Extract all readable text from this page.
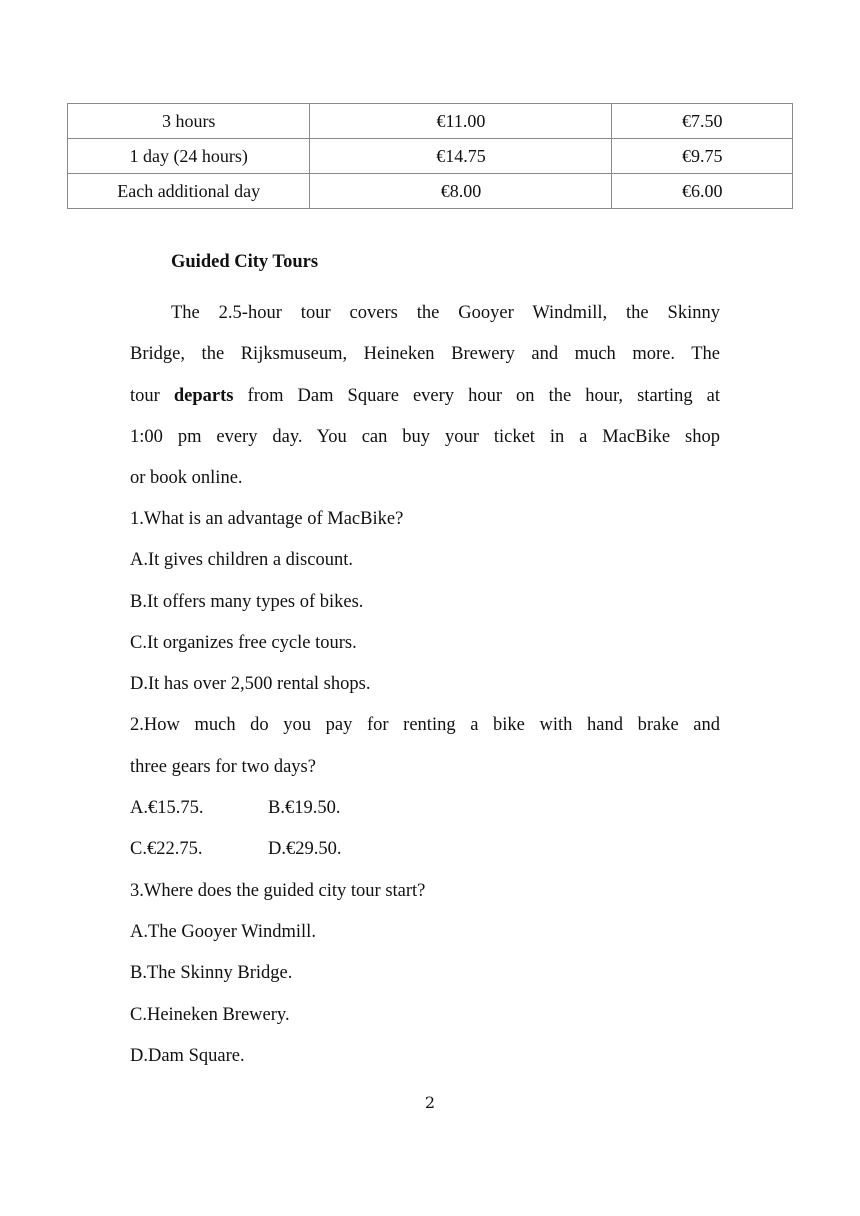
3 hours	€11.00	€7.50
1 day (24 hours)	€14.75	€9.75
Each additional day	€8.00	€6.00
Guided City Tours
The 2.5-hour tour covers the Gooyer Windmill, the Skinny
Bridge, the Rijksmuseum, Heineken Brewery and much more. The
tour departs from Dam Square every hour on the hour, starting at
1:00 pm every day. You can buy your ticket in a MacBike shop
or book online.
1.What is an advantage of MacBike?
A.It gives children a discount.
B.It offers many types of bikes.
C.It organizes free cycle tours.
D.It has over 2,500 rental shops.
2.How much do you pay for renting a bike with hand brake and
three gears for two days?
A.€15.75.	B.€19.50.
C.€22.75.	D.€29.50.
3.Where does the guided city tour start?
A.The Gooyer Windmill.
B.The Skinny Bridge.
C.Heineken Brewery.
D.Dam Square.
2
